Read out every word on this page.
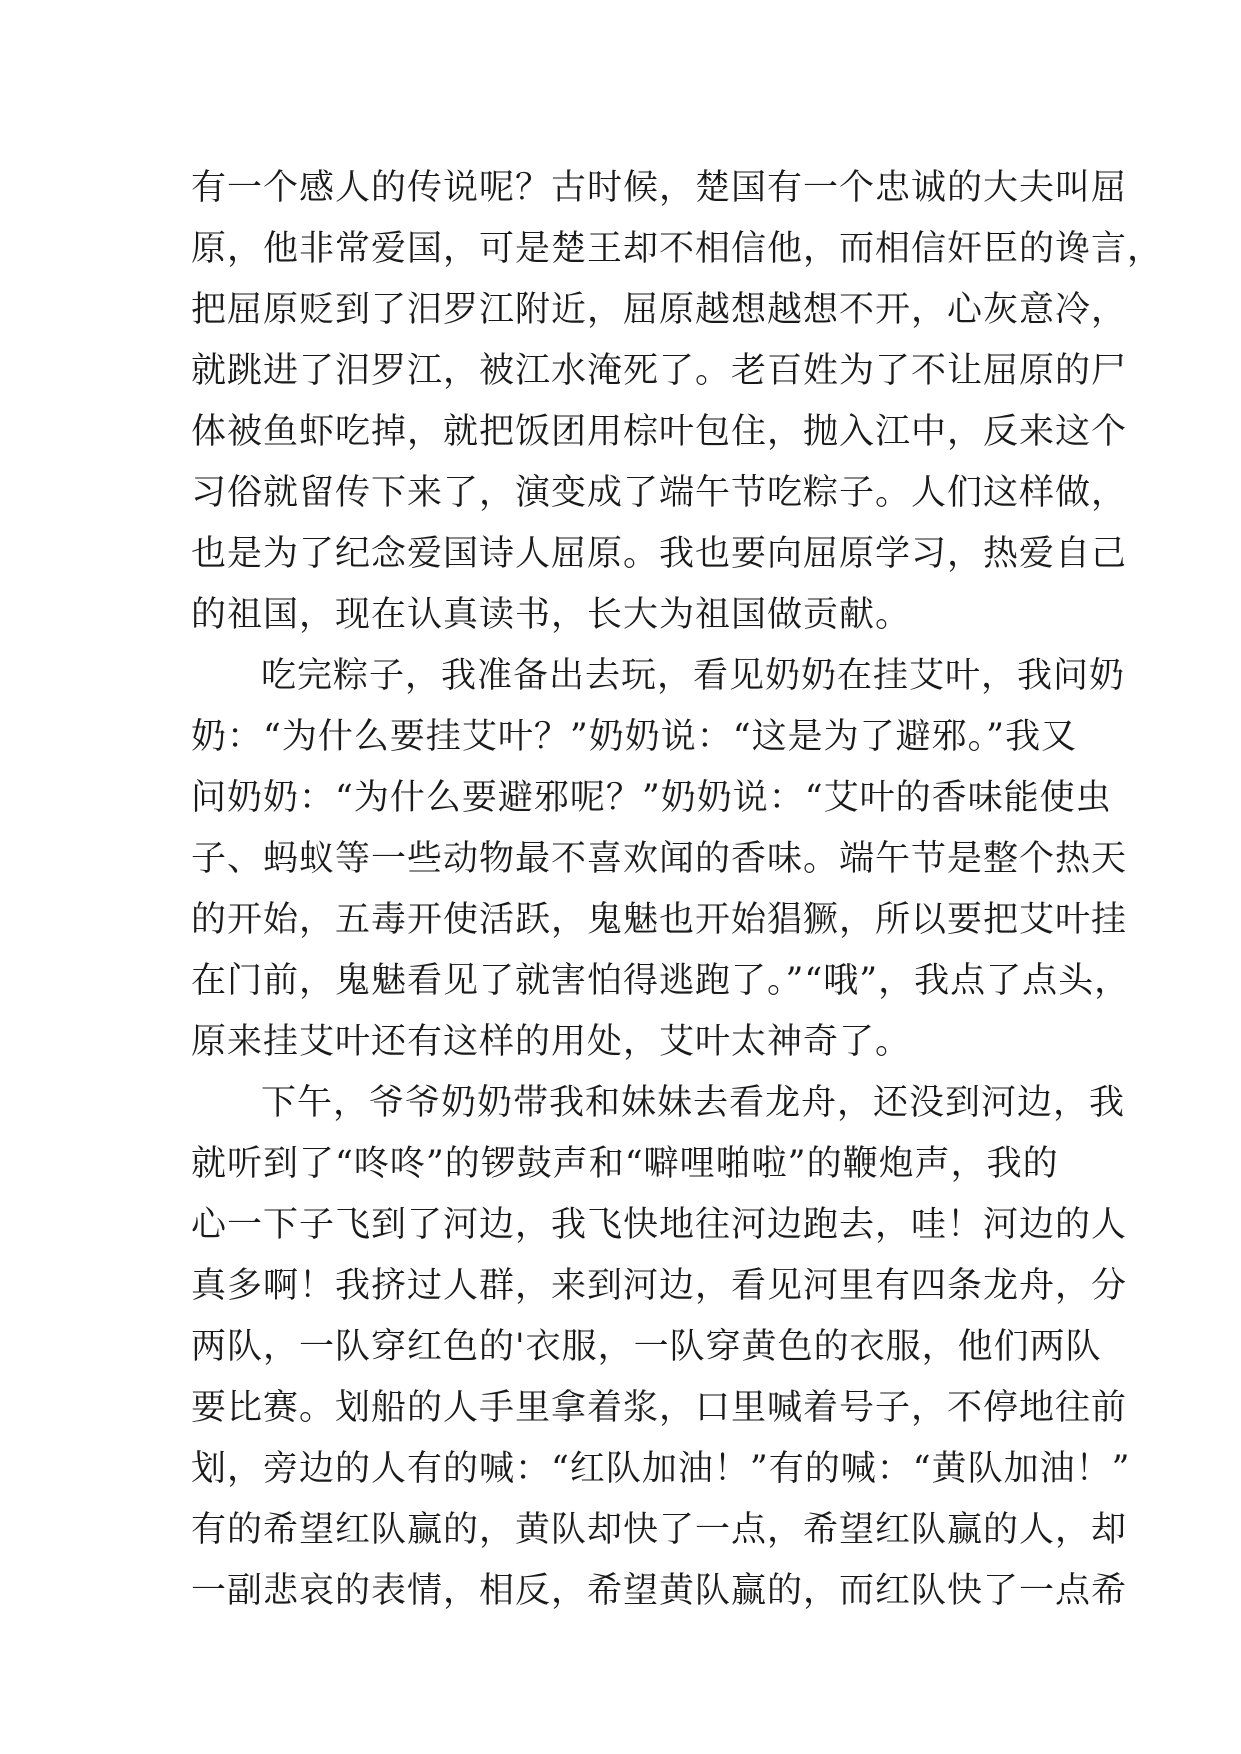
有一个感人的传说呢？古时候，楚国有一个忠诚的大夫叫屈
原，他非常爱国，可是楚王却不相信他，而相信奸臣的谗言，
把屈原贬到了汨罗江附近，屈原越想越想不开，心灰意冷，
就跳进了汨罗江，被江水淹死了。老百姓为了不让屈原的尸
体被鱼虾吃掉，就把饭团用棕叶包住，抛入江中，反来这个
习俗就留传下来了，演变成了端午节吃粽子。人们这样做，
也是为了纪念爱国诗人屈原。我也要向屈原学习，热爱自己
的祖国，现在认真读书，长大为祖国做贡献。
吃完粽子，我准备出去玩，看见奶奶在挂艾叶，我问奶
奶：“为什么要挂艾叶？”奶奶说：“这是为了避邪。”我又
问奶奶：“为什么要避邪呢？”奶奶说：“艾叶的香味能使虫
子、蚂蚁等一些动物最不喜欢闻的香味。端午节是整个热天
的开始，五毒开使活跃，鬼魅也开始猖獗，所以要把艾叶挂
在门前，鬼魅看见了就害怕得逃跑了。”“哦”，我点了点头，
原来挂艾叶还有这样的用处，艾叶太神奇了。
下午，爷爷奶奶带我和妹妹去看龙舟，还没到河边，我
就听到了“咚咚”的锣鼓声和“噼哩啪啦”的鞭炮声，我的
心一下子飞到了河边，我飞快地往河边跑去，哇！河边的人
真多啊！我挤过人群，来到河边，看见河里有四条龙舟，分
两队，一队穿红色的'衣服，一队穿黄色的衣服，他们两队
要比赛。划船的人手里拿着浆，口里喊着号子，不停地往前
划，旁边的人有的喊：“红队加油！”有的喊：“黄队加油！”
有的希望红队赢的，黄队却快了一点，希望红队赢的人，却
一副悲哀的表情，相反，希望黄队赢的，而红队快了一点希
